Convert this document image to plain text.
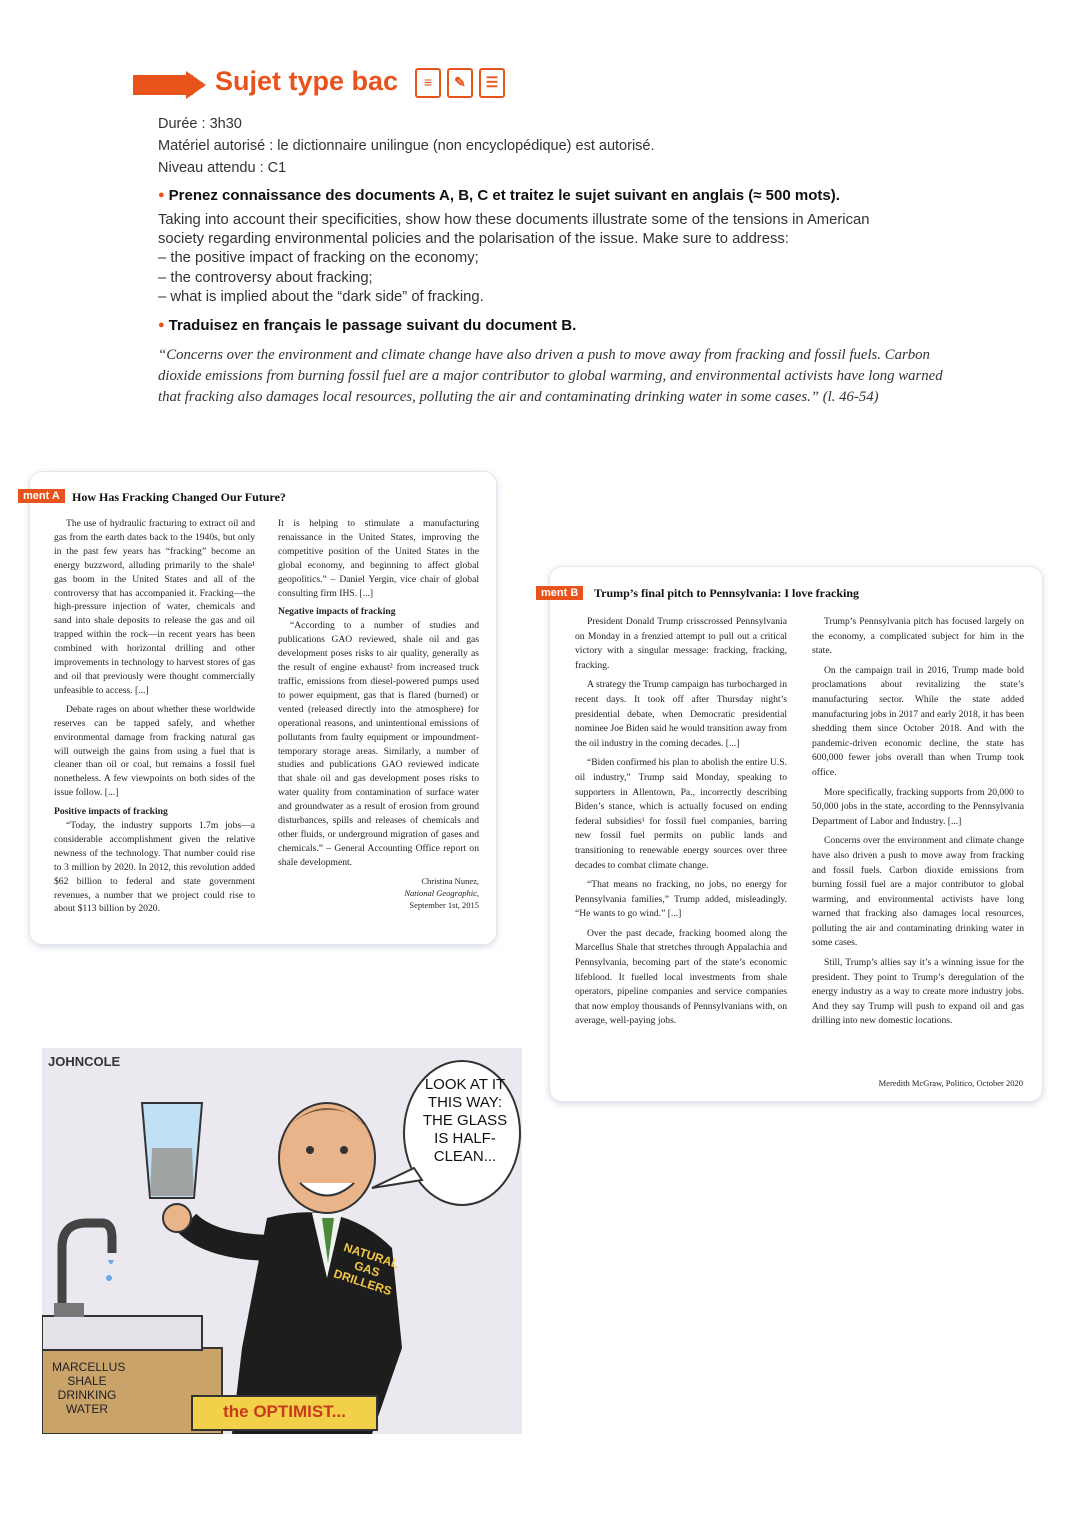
Sujet type bac	≡	✎	☰
Durée : 3h30
Matériel autorisé : le dictionnaire unilingue (non encyclopédique) est autorisé.
Niveau attendu : C1
● Prenez connaissance des documents A, B, C et traitez le sujet suivant en anglais (≈ 500 mots).
Taking into account their specificities, show how these documents illustrate some of the tensions in American
society regarding environmental policies and the polarisation of the issue. Make sure to address:
– the positive impact of fracking on the economy;
– the controversy about fracking;
– what is implied about the “dark side” of fracking.
● Traduisez en français le passage suivant du document B.
“Concerns over the environment and climate change have also driven a push to move away from fracking and fossil fuels. Carbon dioxide emissions from burning fossil fuel are a major contributor to global warming, and environmental activists have long warned that fracking also damages local resources, polluting the air and contaminating drinking water in some cases.” (l. 46-54)
ment A	How Has Fracking Changed Our Future?

The use of hydraulic fracturing to extract oil and gas from the earth dates back to the 1940s, but only in the past few years has “fracking” become an energy buzzword, alluding primarily to the shale¹ gas boom in the United States and all of the controversy that has accompanied it. Fracking—the high-pressure injection of water, chemicals and sand into shale deposits to release the gas and oil trapped within the rock—in recent years has been combined with horizontal drilling and other improvements in technology to harvest stores of gas and oil that previously were thought commercially unfeasible to access. [...]

Debate rages on about whether these worldwide reserves can be tapped safely, and whether environmental damage from fracking natural gas will outweigh the gains from using a fuel that is cleaner than oil or coal, but remains a fossil fuel nonetheless. A few viewpoints on both sides of the issue follow. [...]

Positive impacts of fracking

“Today, the industry supports 1.7m jobs—a considerable accomplishment given the relative newness of the technology. That number could rise to 3 million by 2020. In 2012, this revolution added $62 billion to federal and state government revenues, a number that we project could rise to about $113 billion by 2020.

It is helping to stimulate a manufacturing renaissance in the United States, improving the competitive position of the United States in the global economy, and beginning to affect global geopolitics.” – Daniel Yergin, vice chair of global consulting firm IHS. [...]

Negative impacts of fracking

“According to a number of studies and publications GAO reviewed, shale oil and gas development poses risks to air quality, generally as the result of engine exhaust² from increased truck traffic, emissions from diesel-powered pumps used to power equipment, gas that is flared (burned) or vented (released directly into the atmosphere) for operational reasons, and unintentional emissions of pollutants from faulty equipment or impoundment-temporary storage areas. Similarly, a number of studies and publications GAO reviewed indicate that shale oil and gas development poses risks to water quality from contamination of surface water and groundwater as a result of erosion from ground disturbances, spills and releases of chemicals and other fluids, or underground migration of gases and chemicals.” – General Accounting Office report on shale development.

Christina Nunez,
National Geographic,
September 1st, 2015
ment B	Trump’s final pitch to Pennsylvania: I love fracking

President Donald Trump crisscrossed Pennsylvania on Monday in a frenzied attempt to pull out a critical victory with a singular message: fracking, fracking, fracking.

A strategy the Trump campaign has turbocharged in recent days. It took off after Thursday night’s presidential debate, when Democratic presidential nominee Joe Biden said he would transition away from the oil industry in the coming decades. [...]

“Biden confirmed his plan to abolish the entire U.S. oil industry,” Trump said Monday, speaking to supporters in Allentown, Pa., incorrectly describing Biden’s stance, which is actually focused on ending federal subsidies¹ for fossil fuel companies, barring new fossil fuel permits on public lands and transitioning to renewable energy sources over three decades to combat climate change.

“That means no fracking, no jobs, no energy for Pennsylvania families,” Trump added, misleadingly. “He wants to go wind.” [...]

Over the past decade, fracking boomed along the Marcellus Shale that stretches through Appalachia and Pennsylvania, becoming part of the state’s economic lifeblood. It fuelled local investments from shale operators, pipeline companies and service companies that now employ thousands of Pennsylvanians with, on average, well-paying jobs.

Trump’s Pennsylvania pitch has focused largely on the economy, a complicated subject for him in the state.

On the campaign trail in 2016, Trump made bold proclamations about revitalizing the state’s manufacturing sector. While the state added manufacturing jobs in 2017 and early 2018, it has been shedding them since October 2018. And with the pandemic-driven economic decline, the state has 600,000 fewer jobs overall than when Trump took office.

More specifically, fracking supports from 20,000 to 50,000 jobs in the state, according to the Pennsylvania Department of Labor and Industry. [...]

Concerns over the environment and climate change have also driven a push to move away from fracking and fossil fuels. Carbon dioxide emissions from burning fossil fuel are a major contributor to global warming, and environmental activists have long warned that fracking also damages local resources, polluting the air and contaminating drinking water in some cases.

Still, Trump’s allies say it’s a winning issue for the president. They point to Trump’s deregulation of the energy industry as a way to create more industry jobs. And they say Trump will push to expand oil and gas drilling into new domestic locations.

Meredith McGraw, Politico, October 2020
JOHNCOLE
LOOK AT IT THIS WAY: THE GLASS IS HALF-CLEAN...
NATURAL GAS DRILLERS
MARCELLUS SHALE DRINKING WATER	the OPTIMIST...
